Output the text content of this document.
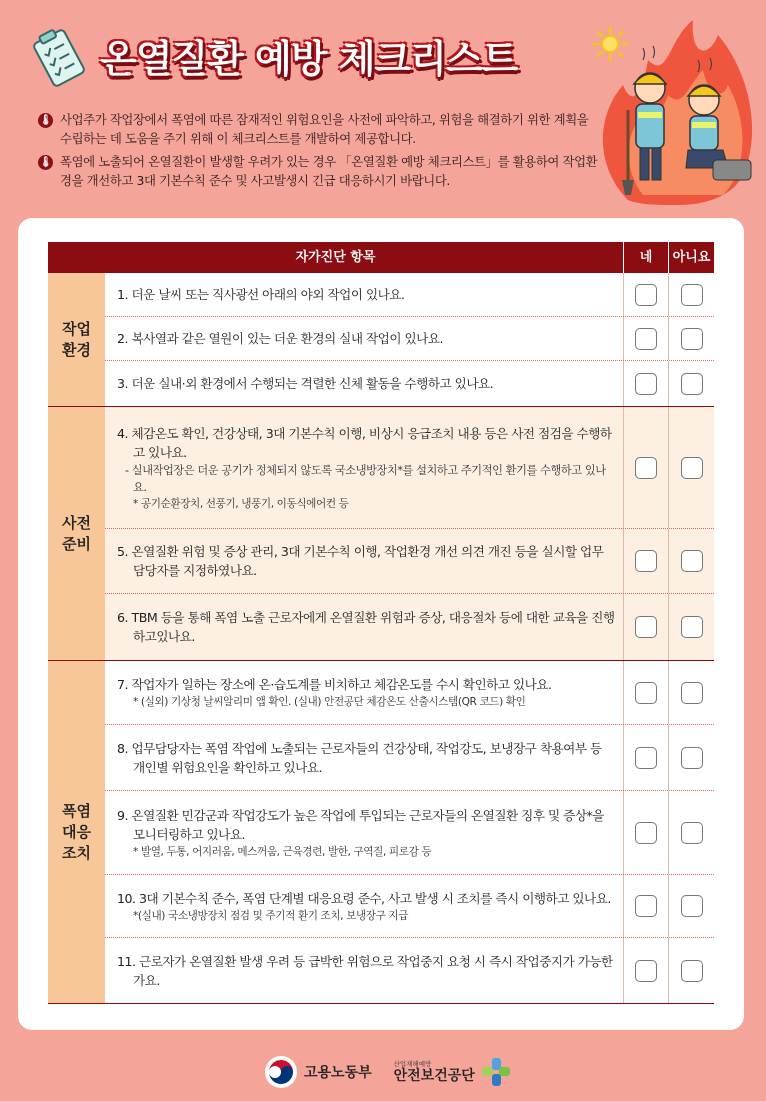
온열질환 예방 체크리스트
🌡 사업주가 작업장에서 폭염에 따른 잠재적인 위험요인을 사전에 파악하고, 위험을 해결하기 위한 계획을 수립하는 데 도움을 주기 위해 이 체크리스트를 개발하여 제공합니다.
🌡 폭염에 노출되어 온열질환이 발생할 우려가 있는 경우 「온열질환 예방 체크리스트」를 활용하여 작업환경을 개선하고 3대 기본수칙 준수 및 사고발생시 긴급 대응하시기 바랍니다.
자가진단 항목	네	아니요
작업
환경
1. 더운 날씨 또는 직사광선 아래의 야외 작업이 있나요.
2. 복사열과 같은 열원이 있는 더운 환경의 실내 작업이 있나요.
3. 더운 실내·외 환경에서 수행되는 격렬한 신체 활동을 수행하고 있나요.
사전
준비
4. 체감온도 확인, 건강상태, 3대 기본수칙 이행, 비상시 응급조치 내용 등은 사전 점검을 수행하고 있나요.
- 실내작업장은 더운 공기가 정체되지 않도록 국소냉방장치*를 설치하고 주기적인 환기를 수행하고 있나요.
* 공기순환장치, 선풍기, 냉풍기, 이동식에어컨 등
5. 온열질환 위험 및 증상 관리, 3대 기본수칙 이행, 작업환경 개선 의견 개진 등을 실시할 업무담당자를 지정하였나요.
6. TBM 등을 통해 폭염 노출 근로자에게 온열질환 위험과 증상, 대응절차 등에 대한 교육을 진행하고있나요.
폭염
대응
조치
7. 작업자가 일하는 장소에 온·습도계를 비치하고 체감온도를 수시 확인하고 있나요.
* (실외) 기상청 날씨알리미 앱 확인. (실내) 안전공단 체감온도 산출시스템(QR 코드) 확인
8. 업무담당자는 폭염 작업에 노출되는 근로자들의 건강상태, 작업강도, 보냉장구 착용여부 등 개인별 위험요인을 확인하고 있나요.
9. 온열질환 민감군과 작업강도가 높은 작업에 투입되는 근로자들의 온열질환 징후 및 증상*을 모니터링하고 있나요.
* 발열, 두통, 어지러움, 메스꺼움, 근육경련, 발한, 구역질, 피로감 등
10. 3대 기본수칙 준수, 폭염 단계별 대응요령 준수, 사고 발생 시 조치를 즉시 이행하고 있나요.
*(실내) 국소냉방장치 점검 및 주기적 환기 조치, 보냉장구 지급
11. 근로자가 온열질환 발생 우려 등 급박한 위험으로 작업중지 요청 시 즉시 작업중지가 가능한가요.
고용노동부
산업재해예방
안전보건공단
